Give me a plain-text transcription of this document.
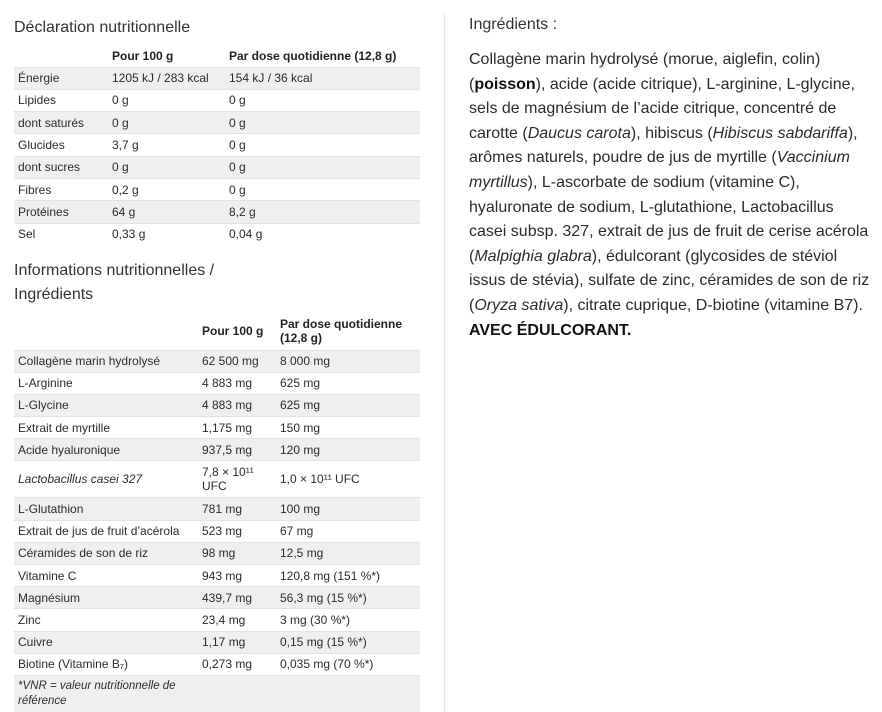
Déclaration nutritionnelle
	Pour 100 g	Par dose quotidienne (12,8 g)
Énergie	1205 kJ / 283 kcal	154 kJ / 36 kcal
Lipides	0 g	0 g
dont saturés	0 g	0 g
Glucides	3,7 g	0 g
dont sucres	0 g	0 g
Fibres	0,2 g	0 g
Protéines	64 g	8,2 g
Sel	0,33 g	0,04 g
Informations nutritionnelles / Ingrédients
	Pour 100 g	Par dose quotidienne (12,8 g)
Collagène marin hydrolysé	62 500 mg	8 000 mg
L-Arginine	4 883 mg	625 mg
L-Glycine	4 883 mg	625 mg
Extrait de myrtille	1,175 mg	150 mg
Acide hyaluronique	937,5 mg	120 mg
Lactobacillus casei 327	7,8 × 10¹¹ UFC	1,0 × 10¹¹ UFC
L-Glutathion	781 mg	100 mg
Extrait de jus de fruit d’acérola	523 mg	67 mg
Céramides de son de riz	98 mg	12,5 mg
Vitamine C	943 mg	120,8 mg (151 %*)
Magnésium	439,7 mg	56,3 mg (15 %*)
Zinc	23,4 mg	3 mg (30 %*)
Cuivre	1,17 mg	0,15 mg (15 %*)
Biotine (Vitamine B₇)	0,273 mg	0,035 mg (70 %*)
*VNR = valeur nutritionnelle de référence		
Ingrédients :
Collagène marin hydrolysé (morue, aiglefin, colin) (poisson), acide (acide citrique), L-arginine, L-glycine, sels de magnésium de l’acide citrique, concentré de carotte (Daucus carota), hibiscus (Hibiscus sabdariffa), arômes naturels, poudre de jus de myrtille (Vaccinium myrtillus), L-ascorbate de sodium (vitamine C), hyaluronate de sodium, L-glutathione, Lactobacillus casei subsp. 327, extrait de jus de fruit de cerise acérola (Malpighia glabra), édulcorant (glycosides de stéviol issus de stévia), sulfate de zinc, céramides de son de riz (Oryza sativa), citrate cuprique, D-biotine (vitamine B7).
AVEC ÉDULCORANT.
